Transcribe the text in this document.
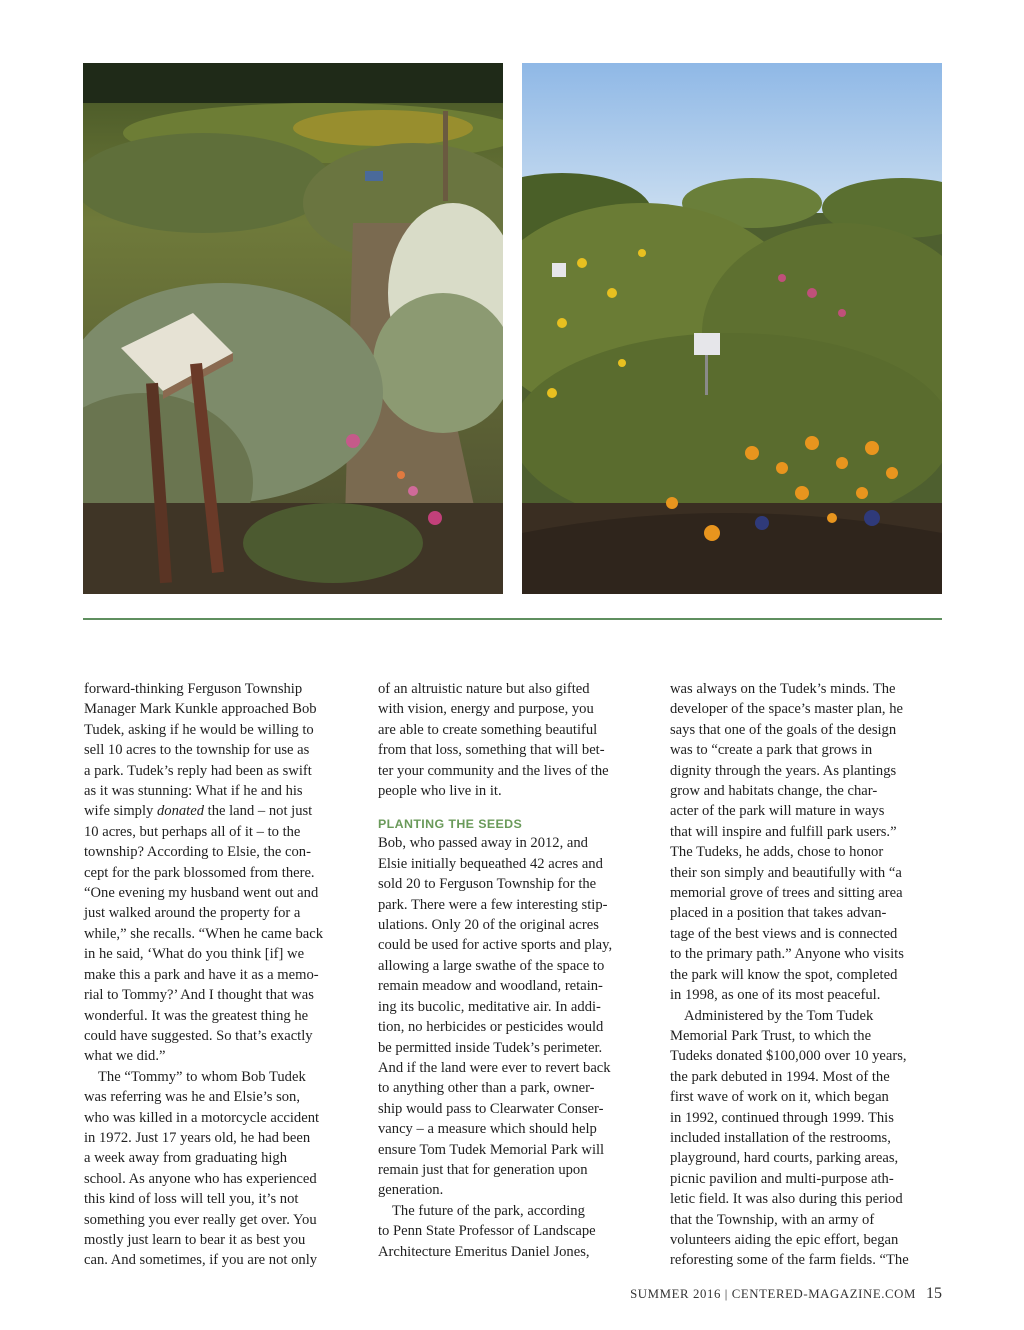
forward-thinking Ferguson Township

Manager Mark Kunkle approached Bob

Tudek, asking if he would be willing to

sell 10 acres to the township for use as

a park. Tudek’s reply had been as swift

as it was stunning: What if he and his

wife simply donated the land – not just

10 acres, but perhaps all of it – to the

township? According to Elsie, the con-

cept for the park blossomed from there.

“One evening my husband went out and

just walked around the property for a

while,” she recalls. “When he came back

in he said, ‘What do you think [if] we

make this a park and have it as a memo-

rial to Tommy?’ And I thought that was

wonderful. It was the greatest thing he

could have suggested. So that’s exactly

what we did.”

The “Tommy” to whom Bob Tudek

was referring was he and Elsie’s son,

who was killed in a motorcycle accident

in 1972. Just 17 years old, he had been

a week away from graduating high

school. As anyone who has experienced

this kind of loss will tell you, it’s not

something you ever really get over. You

mostly just learn to bear it as best you

can. And sometimes, if you are not only

of an altruistic nature but also gifted

with vision, energy and purpose, you

are able to create something beautiful

from that loss, something that will bet-

ter your community and the lives of the

people who live in it.

PLANTING THE SEEDS

Bob, who passed away in 2012, and

Elsie initially bequeathed 42 acres and

sold 20 to Ferguson Township for the

park. There were a few interesting stip-

ulations. Only 20 of the original acres

could be used for active sports and play,

allowing a large swathe of the space to

remain meadow and woodland, retain-

ing its bucolic, meditative air. In addi-

tion, no herbicides or pesticides would

be permitted inside Tudek’s perimeter.

And if the land were ever to revert back

to anything other than a park, owner-

ship would pass to Clearwater Conser-

vancy – a measure which should help

ensure Tom Tudek Memorial Park will

remain just that for generation upon

generation.

The future of the park, according

to Penn State Professor of Landscape

Architecture Emeritus Daniel Jones,

was always on the Tudek’s minds. The

developer of the space’s master plan, he

says that one of the goals of the design

was to “create a park that grows in

dignity through the years. As plantings

grow and habitats change, the char-

acter of the park will mature in ways

that will inspire and fulfill park users.”

The Tudeks, he adds, chose to honor

their son simply and beautifully with “a

memorial grove of trees and sitting area

placed in a position that takes advan-

tage of the best views and is connected

to the primary path.” Anyone who visits

the park will know the spot, completed

in 1998, as one of its most peaceful.

Administered by the Tom Tudek

Memorial Park Trust, to which the

Tudeks donated $100,000 over 10 years,

the park debuted in 1994. Most of the

first wave of work on it, which began

in 1992, continued through 1999. This

included installation of the restrooms,

playground, hard courts, parking areas,

picnic pavilion and multi-purpose ath-

letic field. It was also during this period

that the Township, with an army of

volunteers aiding the epic effort, began

reforesting some of the farm fields. “The

SUMMER 2016 | CENTERED-MAGAZINE.COM 15
